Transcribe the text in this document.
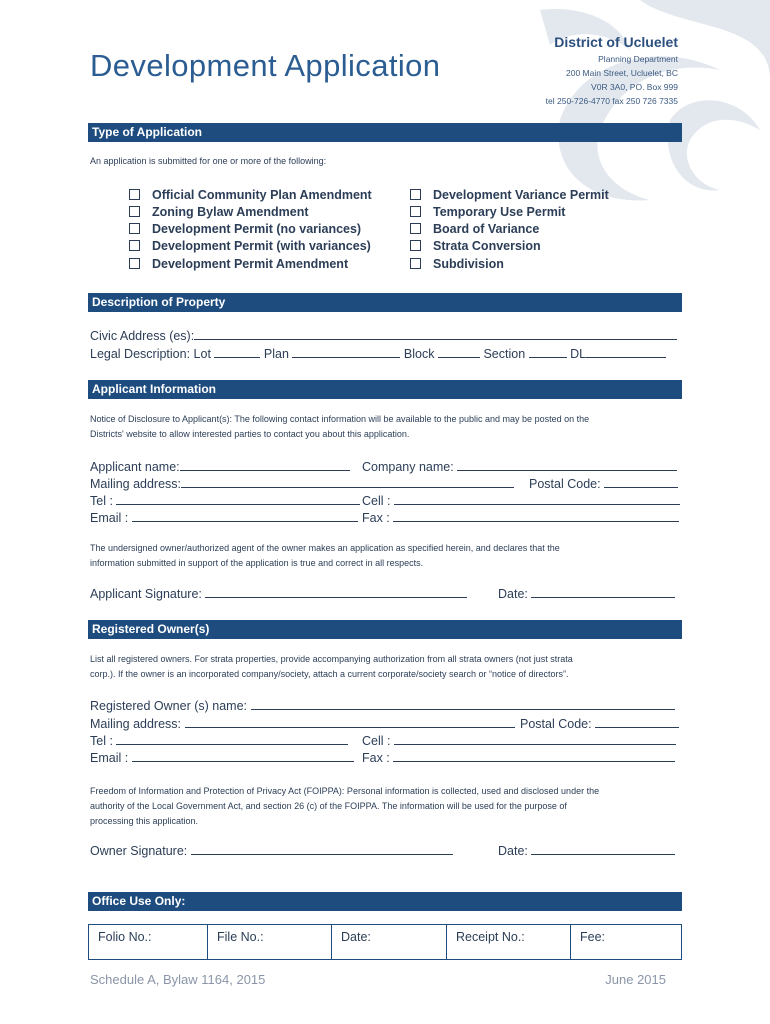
Development Application
District of Ucluelet
Planning Department
200 Main Street, Ucluelet, BC
V0R 3A0, PO. Box 999
tel 250-726-4770 fax 250 726 7335
Type of Application
An application is submitted for one or more of the following:
Official Community Plan Amendment
Zoning Bylaw Amendment
Development Permit (no variances)
Development Permit (with variances)
Development Permit Amendment
Development Variance Permit
Temporary Use Permit
Board of Variance
Strata Conversion
Subdivision
Description of Property
Civic Address (es):
Legal Description: Lot	Plan	Block	Section	DL
Applicant Information
Notice of Disclosure to Applicant(s): The following contact information will be available to the public and may be posted on the
Districts' website to allow interested parties to contact you about this application.
Applicant name:	Company name:
Mailing address:	Postal Code:
Tel :	Cell :
Email :	Fax :
The undersigned owner/authorized agent of the owner makes an application as specified herein, and declares that the
information submitted in support of the application is true and correct in all respects.
Applicant Signature:	Date:
Registered Owner(s)
List all registered owners. For strata properties, provide accompanying authorization from all strata owners (not just strata
corp.). If the owner is an incorporated company/society, attach a current corporate/society search or “notice of directors”.
Registered Owner (s) name:
Mailing address:	Postal Code:
Tel :	Cell :
Email :	Fax :
Freedom of Information and Protection of Privacy Act (FOIPPA): Personal information is collected, used and disclosed under the
authority of the Local Government Act, and section 26 (c) of the FOIPPA. The information will be used for the purpose of
processing this application.
Owner Signature:	Date:
Office Use Only:
Folio No.:	File No.:	Date:	Receipt No.:	Fee:
Schedule A, Bylaw 1164, 2015	June 2015
